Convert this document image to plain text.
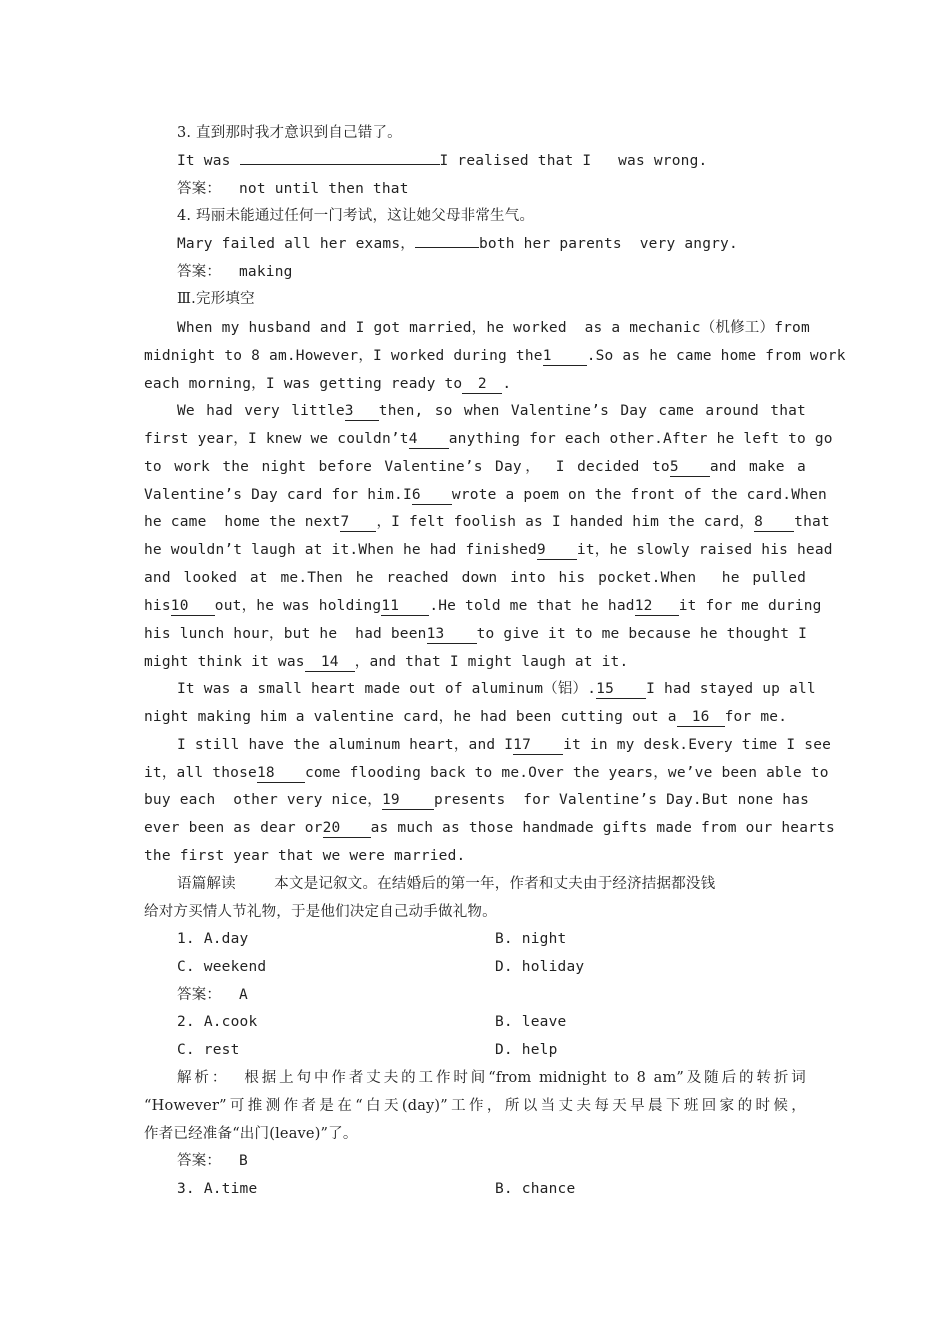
3. 直到那时我才意识到自己错了。
It was	I realised that I   was wrong.
答案： not until then that
4. 玛丽未能通过任何一门考试，这让她父母非常生气。
Mary failed all her exams，	both her parents  very angry.
答案： making
Ⅲ.完形填空
When my husband and I got married，he worked  as a mechanic（机修工）from
midnight to 8 am.However，I worked during the1 .So as he came home from work
each morning，I was getting ready to 2 .
We had very little3 then, so when Valentine’s Day came around that
first year，I knew we couldn’t4 anything for each other.After he left to go
to work the night before Valentine’s Day， I decided to5 and make a
Valentine’s Day card for him.I6 wrote a poem on the front of the card.When
he came  home the next7 ，I felt foolish as I handed him the card，8 that
he wouldn’t laugh at it.When he had finished9 it，he slowly raised his head
and looked at me.Then he reached down into his pocket.When  he pulled
his10 out，he was holding11 .He told me that he had12 it for me during
his lunch hour，but he  had been13 to give it to me because he thought I
might think it was 14 ，and that I might laugh at it.
It was a small heart made out of aluminum（铝）.15 I had stayed up all
night making him a valentine card，he had been cutting out a 16 for me.
I still have the aluminum heart，and I17 it in my desk.Every time I see
it，all those18 come flooding back to me.Over the years，we’ve been able to
buy each  other very nice，19 presents  for Valentine’s Day.But none has
ever been as dear or20 as much as those handmade gifts made from our hearts
the first year that we were married.
语篇解读	本文是记叙文。在结婚后的第一年，作者和丈夫由于经济拮据都没钱
给对方买情人节礼物，于是他们决定自己动手做礼物。
1. A.day	B. night
C. weekend	D. holiday
答案： A
2. A.cook	B. leave
C. rest	D. help
解析： 根据上句中作者丈夫的工作时间“from midnight to 8 am”及随后的转折词
“However”可推测作者是在“白天(day)”工作，所以当丈夫每天早晨下班回家的时候，
作者已经准备“出门(leave)”了。
答案： B
3. A.time	B. chance
